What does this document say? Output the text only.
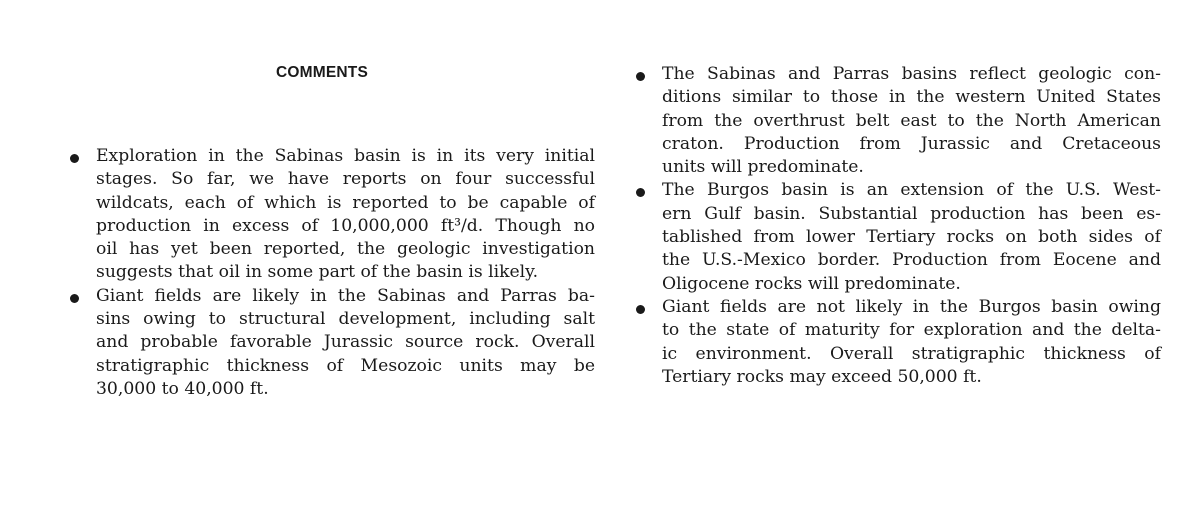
COMMENTS
Exploration in the Sabinas basin is in its very initial
stages. So far, we have reports on four successful
wildcats, each of which is reported to be capable of
production in excess of 10,000,000 ft³/d. Though no
oil has yet been reported, the geologic investigation
suggests that oil in some part of the basin is likely.
Giant fields are likely in the Sabinas and Parras ba-
sins owing to structural development, including salt
and probable favorable Jurassic source rock. Overall
stratigraphic thickness of Mesozoic units may be
30,000 to 40,000 ft.
The Sabinas and Parras basins reflect geologic con-
ditions similar to those in the western United States
from the overthrust belt east to the North American
craton. Production from Jurassic and Cretaceous
units will predominate.
The Burgos basin is an extension of the U.S. West-
ern Gulf basin. Substantial production has been es-
tablished from lower Tertiary rocks on both sides of
the U.S.-Mexico border. Production from Eocene and
Oligocene rocks will predominate.
Giant fields are not likely in the Burgos basin owing
to the state of maturity for exploration and the delta-
ic environment. Overall stratigraphic thickness of
Tertiary rocks may exceed 50,000 ft.
